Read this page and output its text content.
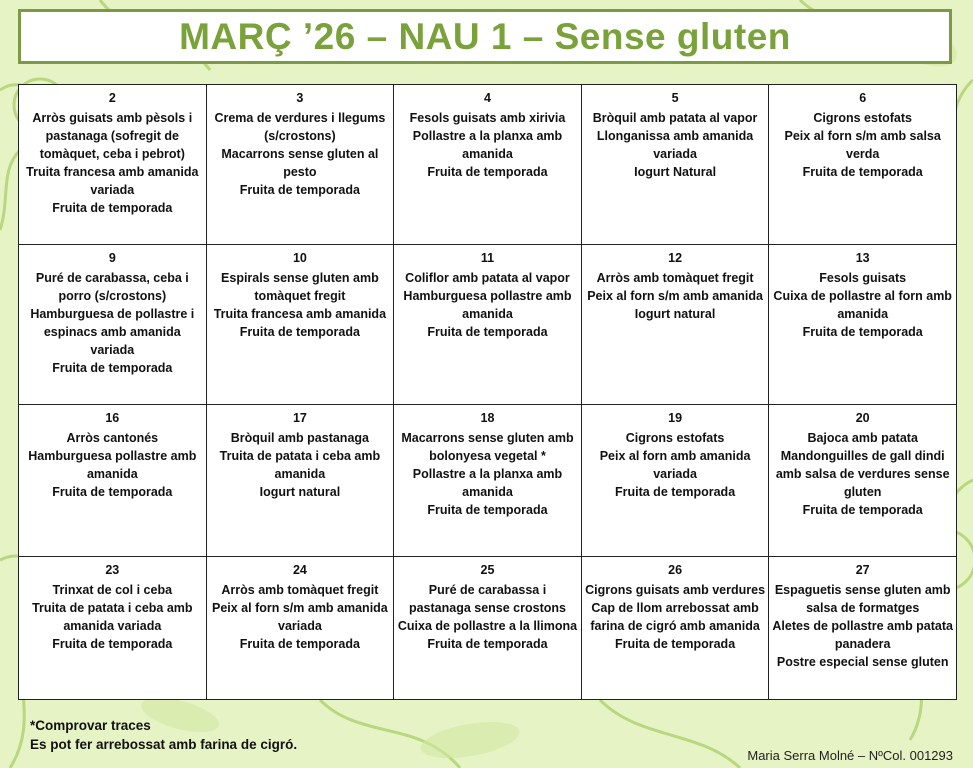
MARÇ ’26 – NAU 1 – Sense gluten
2
Arròs guisats amb pèsols i pastanaga (sofregit de tomàquet, ceba i pebrot)
Truita francesa amb amanida variada
Fruita de temporada	3
Crema de verdures i llegums (s/crostons)
Macarrons sense gluten al pesto
Fruita de temporada	4
Fesols guisats amb xirivia
Pollastre a la planxa amb amanida
Fruita de temporada	5
Bròquil amb patata al vapor
Llonganissa amb amanida variada
Iogurt Natural	6
Cigrons estofats
Peix al forn s/m amb salsa verda
Fruita de temporada

9
Puré de carabassa, ceba i porro (s/crostons)
Hamburguesa de pollastre i espinacs amb amanida variada
Fruita de temporada	10
Espirals sense gluten amb tomàquet fregit
Truita francesa amb amanida
Fruita de temporada	11
Coliflor amb patata al vapor
Hamburguesa pollastre amb amanida
Fruita de temporada	12
Arròs amb tomàquet fregit
Peix al forn s/m amb amanida
Iogurt natural	13
Fesols guisats
Cuixa de pollastre al forn amb amanida
Fruita de temporada

16
Arròs cantonés
Hamburguesa pollastre amb amanida
Fruita de temporada	17
Bròquil amb pastanaga
Truita de patata i ceba amb amanida
Iogurt natural	18
Macarrons sense gluten amb bolonyesa vegetal *
Pollastre a la planxa amb amanida
Fruita de temporada	19
Cigrons estofats
Peix al forn amb amanida variada
Fruita de temporada	20
Bajoca amb patata
Mandonguilles de gall dindi amb salsa de verdures sense gluten
Fruita de temporada

23
Trinxat de col i ceba
Truita de patata i ceba amb amanida variada
Fruita de temporada	24
Arròs amb tomàquet fregit
Peix al forn s/m amb amanida variada
Fruita de temporada	25
Puré de carabassa i pastanaga sense crostons
Cuixa de pollastre a la llimona
Fruita de temporada	26
Cigrons guisats amb verdures
Cap de llom arrebossat amb farina de cigró amb amanida
Fruita de temporada	27
Espaguetis sense gluten amb salsa de formatges
Aletes de pollastre amb patata panadera
Postre especial sense gluten
*Comprovar traces
Es pot fer arrebossat amb farina de cigró.
Maria Serra Molné – NºCol. 001293
